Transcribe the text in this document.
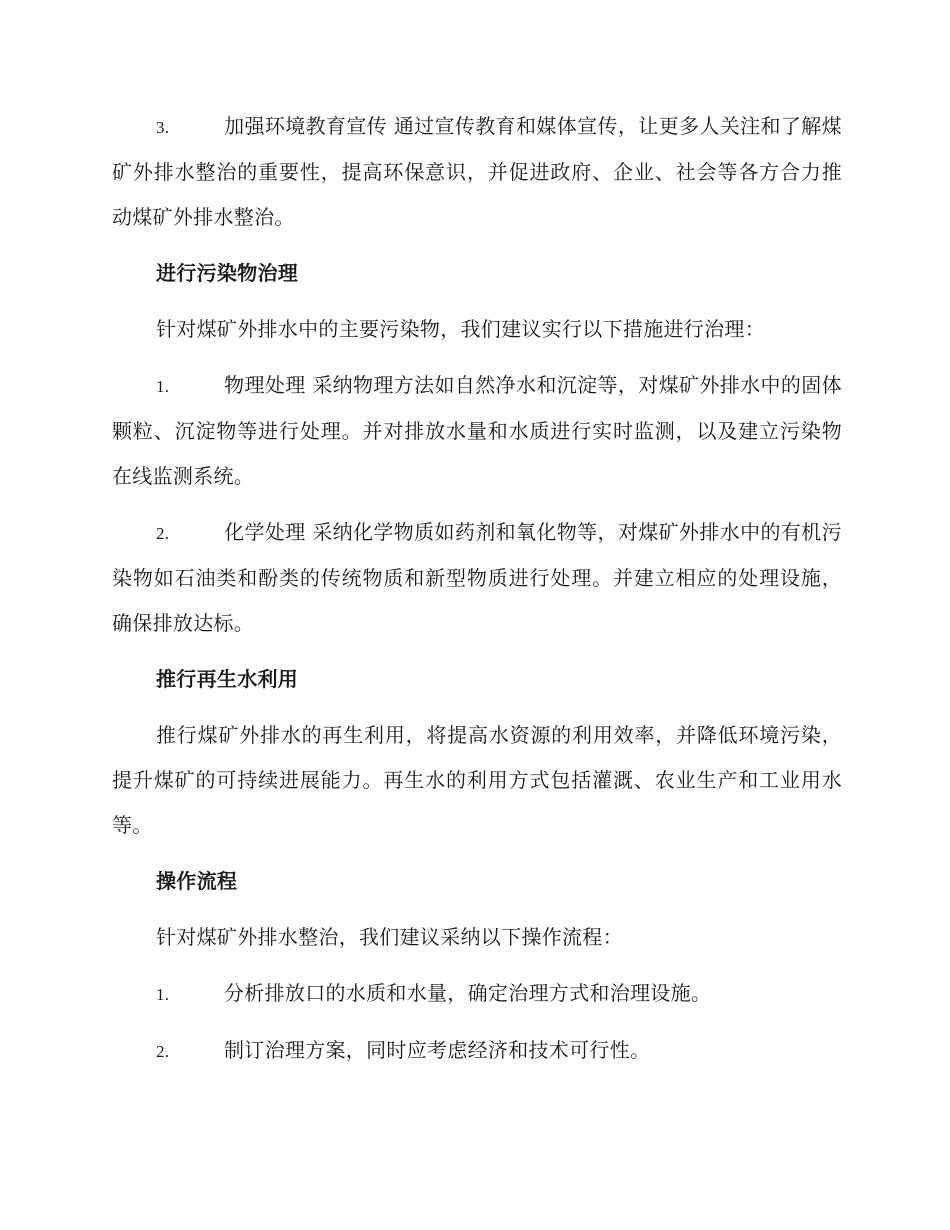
3.	加强环境教育宣传 通过宣传教育和媒体宣传，让更多人关注和了解煤矿外排水整治的重要性，提高环保意识，并促进政府、企业、社会等各方合力推动煤矿外排水整治。

进行污染物治理

针对煤矿外排水中的主要污染物，我们建议实行以下措施进行治理：

1.	物理处理 采纳物理方法如自然净水和沉淀等，对煤矿外排水中的固体颗粒、沉淀物等进行处理。并对排放水量和水质进行实时监测，以及建立污染物在线监测系统。

2.	化学处理 采纳化学物质如药剂和氧化物等，对煤矿外排水中的有机污染物如石油类和酚类的传统物质和新型物质进行处理。并建立相应的处理设施，确保排放达标。

推行再生水利用

推行煤矿外排水的再生利用，将提高水资源的利用效率，并降低环境污染，提升煤矿的可持续进展能力。再生水的利用方式包括灌溉、农业生产和工业用水等。

操作流程

针对煤矿外排水整治，我们建议采纳以下操作流程：

1.	分析排放口的水质和水量，确定治理方式和治理设施。

2.	制订治理方案，同时应考虑经济和技术可行性。
